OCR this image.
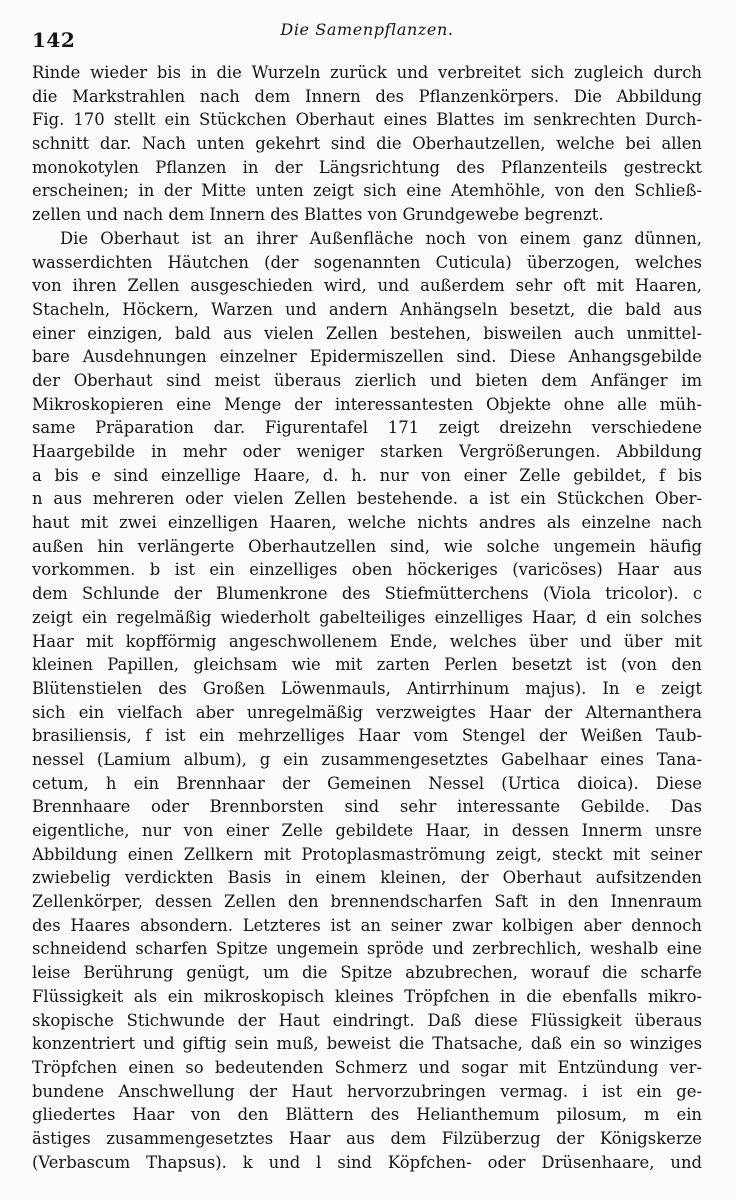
142	Die Samenpflanzen.
Rinde wieder bis in die Wurzeln zurück und verbreitet sich zugleich durch
die Markstrahlen nach dem Innern des Pflanzenkörpers. Die Abbildung
Fig. 170 stellt ein Stückchen Oberhaut eines Blattes im senkrechten Durch-
schnitt dar. Nach unten gekehrt sind die Oberhautzellen, welche bei allen
monokotylen Pflanzen in der Längsrichtung des Pflanzenteils gestreckt
erscheinen; in der Mitte unten zeigt sich eine Atemhöhle, von den Schließ-
zellen und nach dem Innern des Blattes von Grundgewebe begrenzt.
Die Oberhaut ist an ihrer Außenfläche noch von einem ganz dünnen,
wasserdichten Häutchen (der sogenannten Cuticula) überzogen, welches
von ihren Zellen ausgeschieden wird, und außerdem sehr oft mit Haaren,
Stacheln, Höckern, Warzen und andern Anhängseln besetzt, die bald aus
einer einzigen, bald aus vielen Zellen bestehen, bisweilen auch unmittel-
bare Ausdehnungen einzelner Epidermiszellen sind. Diese Anhangsgebilde
der Oberhaut sind meist überaus zierlich und bieten dem Anfänger im
Mikroskopieren eine Menge der interessantesten Objekte ohne alle müh-
same Präparation dar. Figurentafel 171 zeigt dreizehn verschiedene
Haargebilde in mehr oder weniger starken Vergrößerungen. Abbildung
a bis e sind einzellige Haare, d. h. nur von einer Zelle gebildet, f bis
n aus mehreren oder vielen Zellen bestehende. a ist ein Stückchen Ober-
haut mit zwei einzelligen Haaren, welche nichts andres als einzelne nach
außen hin verlängerte Oberhautzellen sind, wie solche ungemein häufig
vorkommen. b ist ein einzelliges oben höckeriges (varicöses) Haar aus
dem Schlunde der Blumenkrone des Stiefmütterchens (Viola tricolor). c
zeigt ein regelmäßig wiederholt gabelteiliges einzelliges Haar, d ein solches
Haar mit kopfförmig angeschwollenem Ende, welches über und über mit
kleinen Papillen, gleichsam wie mit zarten Perlen besetzt ist (von den
Blütenstielen des Großen Löwenmauls, Antirrhinum majus). In e zeigt
sich ein vielfach aber unregelmäßig verzweigtes Haar der Alternanthera
brasiliensis, f ist ein mehrzelliges Haar vom Stengel der Weißen Taub-
nessel (Lamium album), g ein zusammengesetztes Gabelhaar eines Tana-
cetum, h ein Brennhaar der Gemeinen Nessel (Urtica dioica). Diese
Brennhaare oder Brennborsten sind sehr interessante Gebilde. Das
eigentliche, nur von einer Zelle gebildete Haar, in dessen Innerm unsre
Abbildung einen Zellkern mit Protoplasmaströmung zeigt, steckt mit seiner
zwiebelig verdickten Basis in einem kleinen, der Oberhaut aufsitzenden
Zellenkörper, dessen Zellen den brennendscharfen Saft in den Innenraum
des Haares absondern. Letzteres ist an seiner zwar kolbigen aber dennoch
schneidend scharfen Spitze ungemein spröde und zerbrechlich, weshalb eine
leise Berührung genügt, um die Spitze abzubrechen, worauf die scharfe
Flüssigkeit als ein mikroskopisch kleines Tröpfchen in die ebenfalls mikro-
skopische Stichwunde der Haut eindringt. Daß diese Flüssigkeit überaus
konzentriert und giftig sein muß, beweist die Thatsache, daß ein so winziges
Tröpfchen einen so bedeutenden Schmerz und sogar mit Entzündung ver-
bundene Anschwellung der Haut hervorzubringen vermag. i ist ein ge-
gliedertes Haar von den Blättern des Helianthemum pilosum, m ein
ästiges zusammengesetztes Haar aus dem Filzüberzug der Königskerze
(Verbascum Thapsus). k und l sind Köpfchen- oder Drüsenhaare, und
